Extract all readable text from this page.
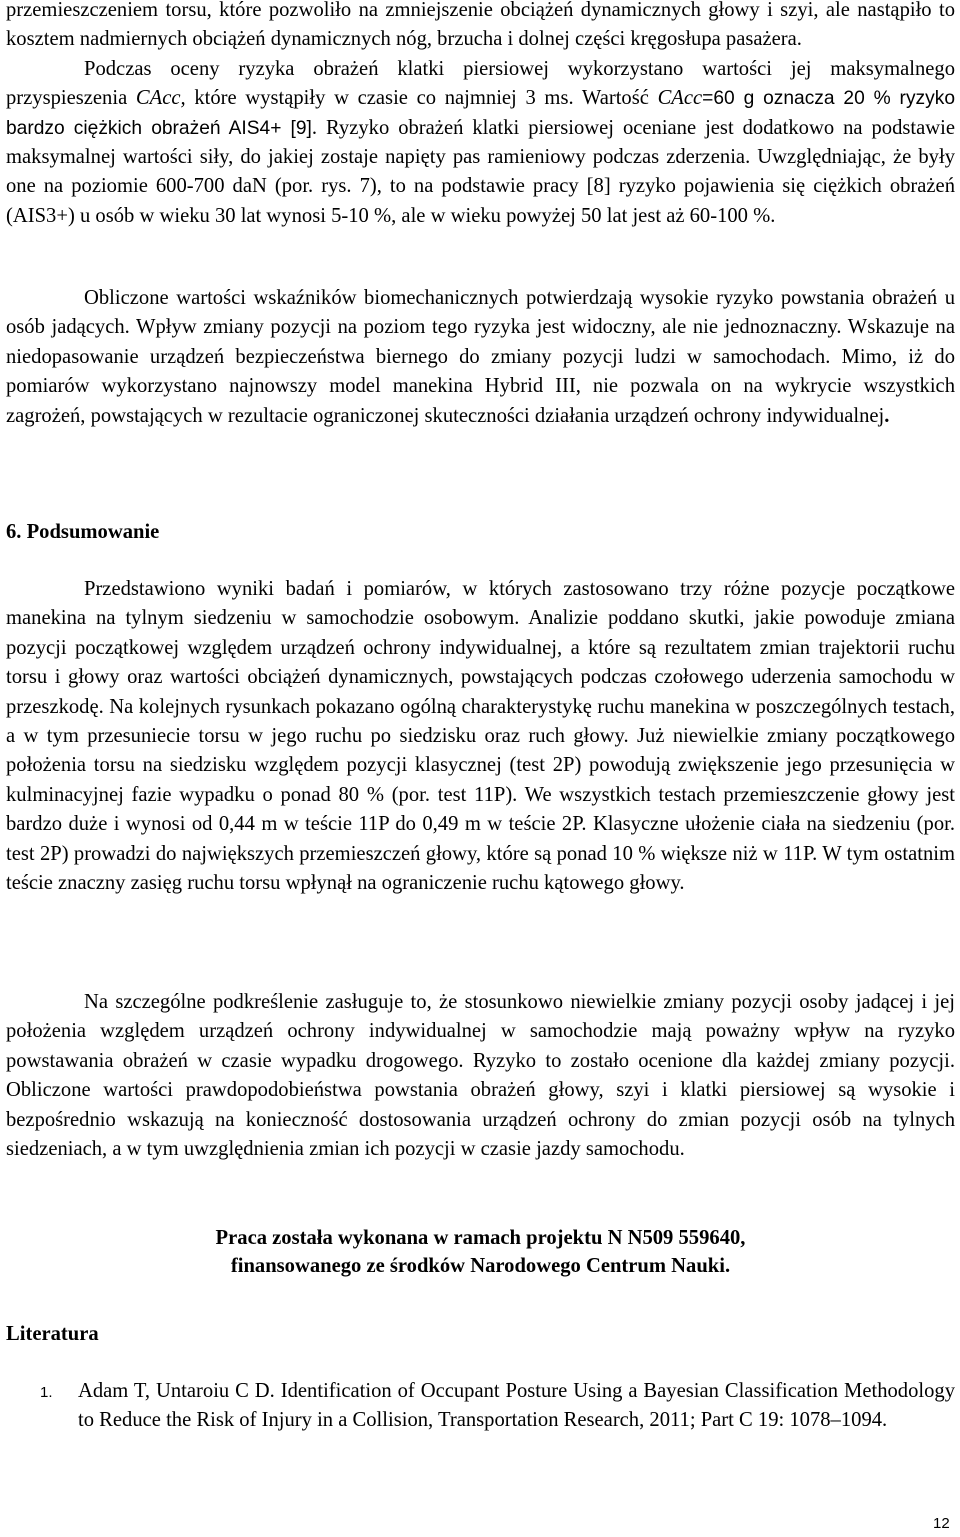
przemieszczeniem torsu, które pozwoliło na zmniejszenie obciążeń dynamicznych głowy i szyi, ale nastąpiło to kosztem nadmiernych obciążeń dynamicznych nóg, brzucha i dolnej części kręgosłupa pasażera.
Podczas oceny ryzyka obrażeń klatki piersiowej wykorzystano wartości jej maksymalnego przyspieszenia CAcc, które wystąpiły w czasie co najmniej 3 ms. Wartość CAcc=60 g oznacza 20 % ryzyko bardzo ciężkich obrażeń AIS4+ [9]. Ryzyko obrażeń klatki piersiowej oceniane jest dodatkowo na podstawie maksymalnej wartości siły, do jakiej zostaje napięty pas ramieniowy podczas zderzenia. Uwzględniając, że były one na poziomie 600-700 daN (por. rys. 7), to na podstawie pracy [8] ryzyko pojawienia się ciężkich obrażeń (AIS3+) u osób w wieku 30 lat wynosi 5-10 %, ale w wieku powyżej 50 lat jest aż 60-100 %.

Obliczone wartości wskaźników biomechanicznych potwierdzają wysokie ryzyko powstania obrażeń u osób jadących. Wpływ zmiany pozycji na poziom tego ryzyka jest widoczny, ale nie jednoznaczny. Wskazuje na niedopasowanie urządzeń bezpieczeństwa biernego do zmiany pozycji ludzi w samochodach. Mimo, iż do pomiarów wykorzystano najnowszy model manekina Hybrid III, nie pozwala on na wykrycie wszystkich zagrożeń, powstających w rezultacie ograniczonej skuteczności działania urządzeń ochrony indywidualnej.

6. Podsumowanie

Przedstawiono wyniki badań i pomiarów, w których zastosowano trzy różne pozycje początkowe manekina na tylnym siedzeniu w samochodzie osobowym. Analizie poddano skutki, jakie powoduje zmiana pozycji początkowej względem urządzeń ochrony indywidualnej, a które są rezultatem zmian trajektorii ruchu torsu i głowy oraz wartości obciążeń dynamicznych, powstających podczas czołowego uderzenia samochodu w przeszkodę. Na kolejnych rysunkach pokazano ogólną charakterystykę ruchu manekina w poszczególnych testach, a w tym przesuniecie torsu w jego ruchu po siedzisku oraz ruch głowy. Już niewielkie zmiany początkowego położenia torsu na siedzisku względem pozycji klasycznej (test 2P) powodują zwiększenie jego przesunięcia w kulminacyjnej fazie wypadku o ponad 80 % (por. test 11P). We wszystkich testach przemieszczenie głowy jest bardzo duże i wynosi od 0,44 m w teście 11P do 0,49 m w teście 2P. Klasyczne ułożenie ciała na siedzeniu (por. test 2P) prowadzi do największych przemieszczeń głowy, które są ponad 10 % większe niż w 11P. W tym ostatnim teście znaczny zasięg ruchu torsu wpłynął na ograniczenie ruchu kątowego głowy.

Na szczególne podkreślenie zasługuje to, że stosunkowo niewielkie zmiany pozycji osoby jadącej i jej położenia względem urządzeń ochrony indywidualnej w samochodzie mają poważny wpływ na ryzyko powstawania obrażeń w czasie wypadku drogowego. Ryzyko to zostało ocenione dla każdej zmiany pozycji. Obliczone wartości prawdopodobieństwa powstania obrażeń głowy, szyi i klatki piersiowej są wysokie i bezpośrednio wskazują na konieczność dostosowania urządzeń ochrony do zmian pozycji osób na tylnych siedzeniach, a w tym uwzględnienia zmian ich pozycji w czasie jazdy samochodu.

Praca została wykonana w ramach projektu N N509 559640,
finansowanego ze środków Narodowego Centrum Nauki.
Literatura
1. Adam T, Untaroiu C D. Identification of Occupant Posture Using a Bayesian Classification Methodology to Reduce the Risk of Injury in a Collision, Transportation Research, 2011; Part C 19: 1078–1094.
12
